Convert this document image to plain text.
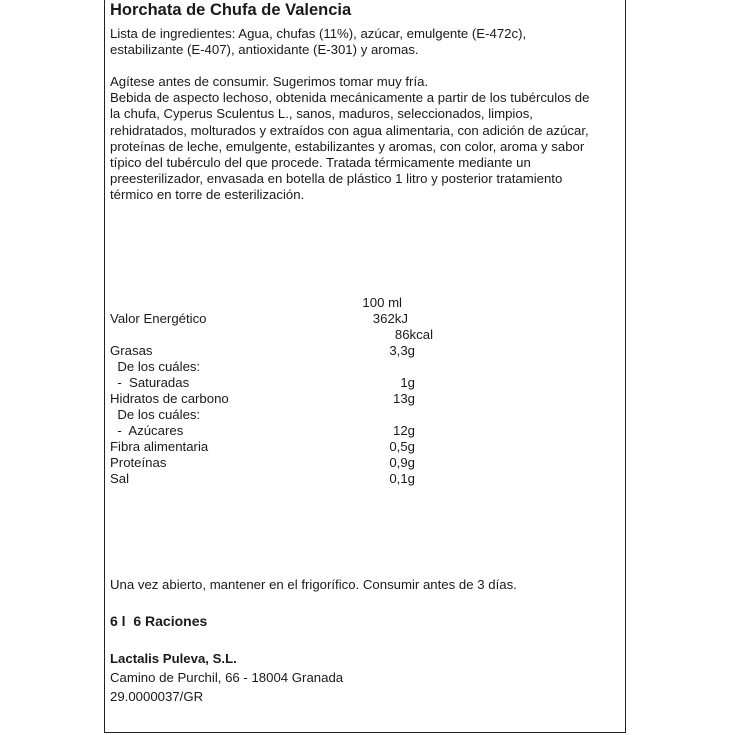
Horchata de Chufa de Valencia
Lista de ingredientes: Agua, chufas (11%), azúcar, emulgente (E-472c),
estabilizante (E-407), antioxidante (E-301) y aromas.
Agítese antes de consumir. Sugerimos tomar muy fría.
Bebida de aspecto lechoso, obtenida mecánicamente a partir de los tubérculos de
la chufa, Cyperus Sculentus L., sanos, maduros, seleccionados, limpios,
rehidratados, molturados y extraídos con agua alimentaria, con adición de azúcar,
proteínas de leche, emulgente, estabilizantes y aromas, con color, aroma y sabor
típico del tubérculo del que procede. Tratada térmicamente mediante un
preesterilizador, envasada en botella de plástico 1 litro y posterior tratamiento
térmico en torre de esterilización.
100 ml
Valor Energético	362kJ
86kcal
Grasas	3,3g
De los cuáles:
-  Saturadas	1g
Hidratos de carbono	13g
De los cuáles:
-  Azúcares	12g
Fibra alimentaria	0,5g
Proteínas	0,9g
Sal	0,1g
Una vez abierto, mantener en el frigorífico. Consumir antes de 3 días.
6 l  6 Raciones
Lactalis Puleva, S.L.
Camino de Purchil, 66 - 18004 Granada
29.0000037/GR
